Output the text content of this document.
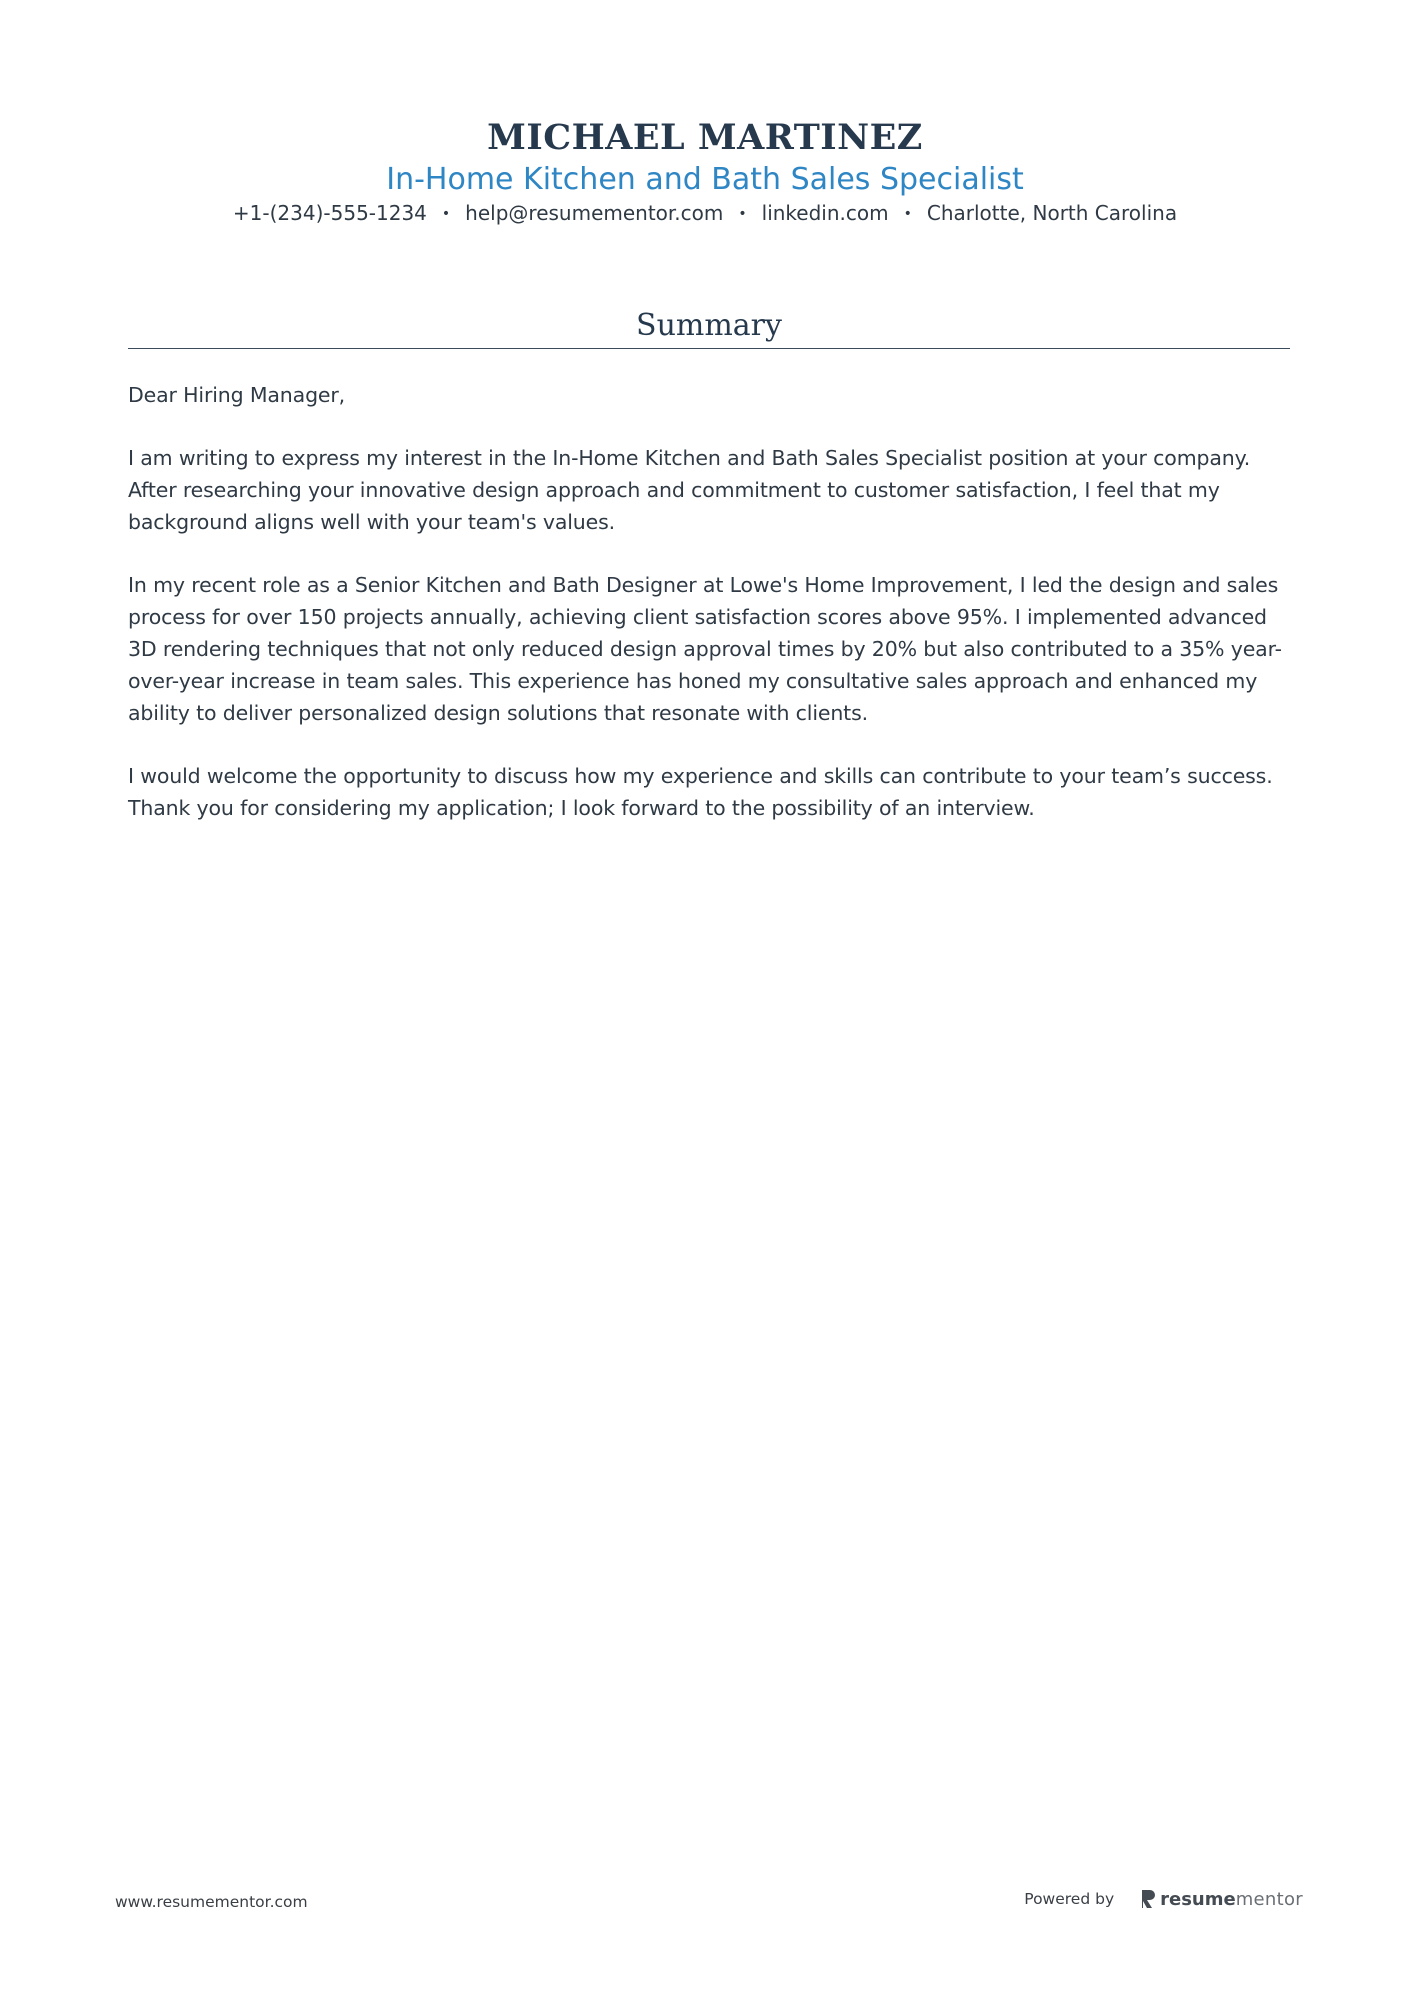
MICHAEL MARTINEZ
In-Home Kitchen and Bath Sales Specialist
+1-(234)-555-1234 • help@resumementor.com • linkedin.com • Charlotte, North Carolina
Summary

Dear Hiring Manager,

I am writing to express my interest in the In-Home Kitchen and Bath Sales Specialist position at your company. After researching your innovative design approach and commitment to customer satisfaction, I feel that my background aligns well with your team's values.

In my recent role as a Senior Kitchen and Bath Designer at Lowe's Home Improvement, I led the design and sales process for over 150 projects annually, achieving client satisfaction scores above 95%. I implemented advanced 3D rendering techniques that not only reduced design approval times by 20% but also contributed to a 35% year-over-year increase in team sales. This experience has honed my consultative sales approach and enhanced my ability to deliver personalized design solutions that resonate with clients.

I would welcome the opportunity to discuss how my experience and skills can contribute to your team’s success. Thank you for considering my application; I look forward to the possibility of an interview.

www.resumementor.com	Powered by	resume mentor
